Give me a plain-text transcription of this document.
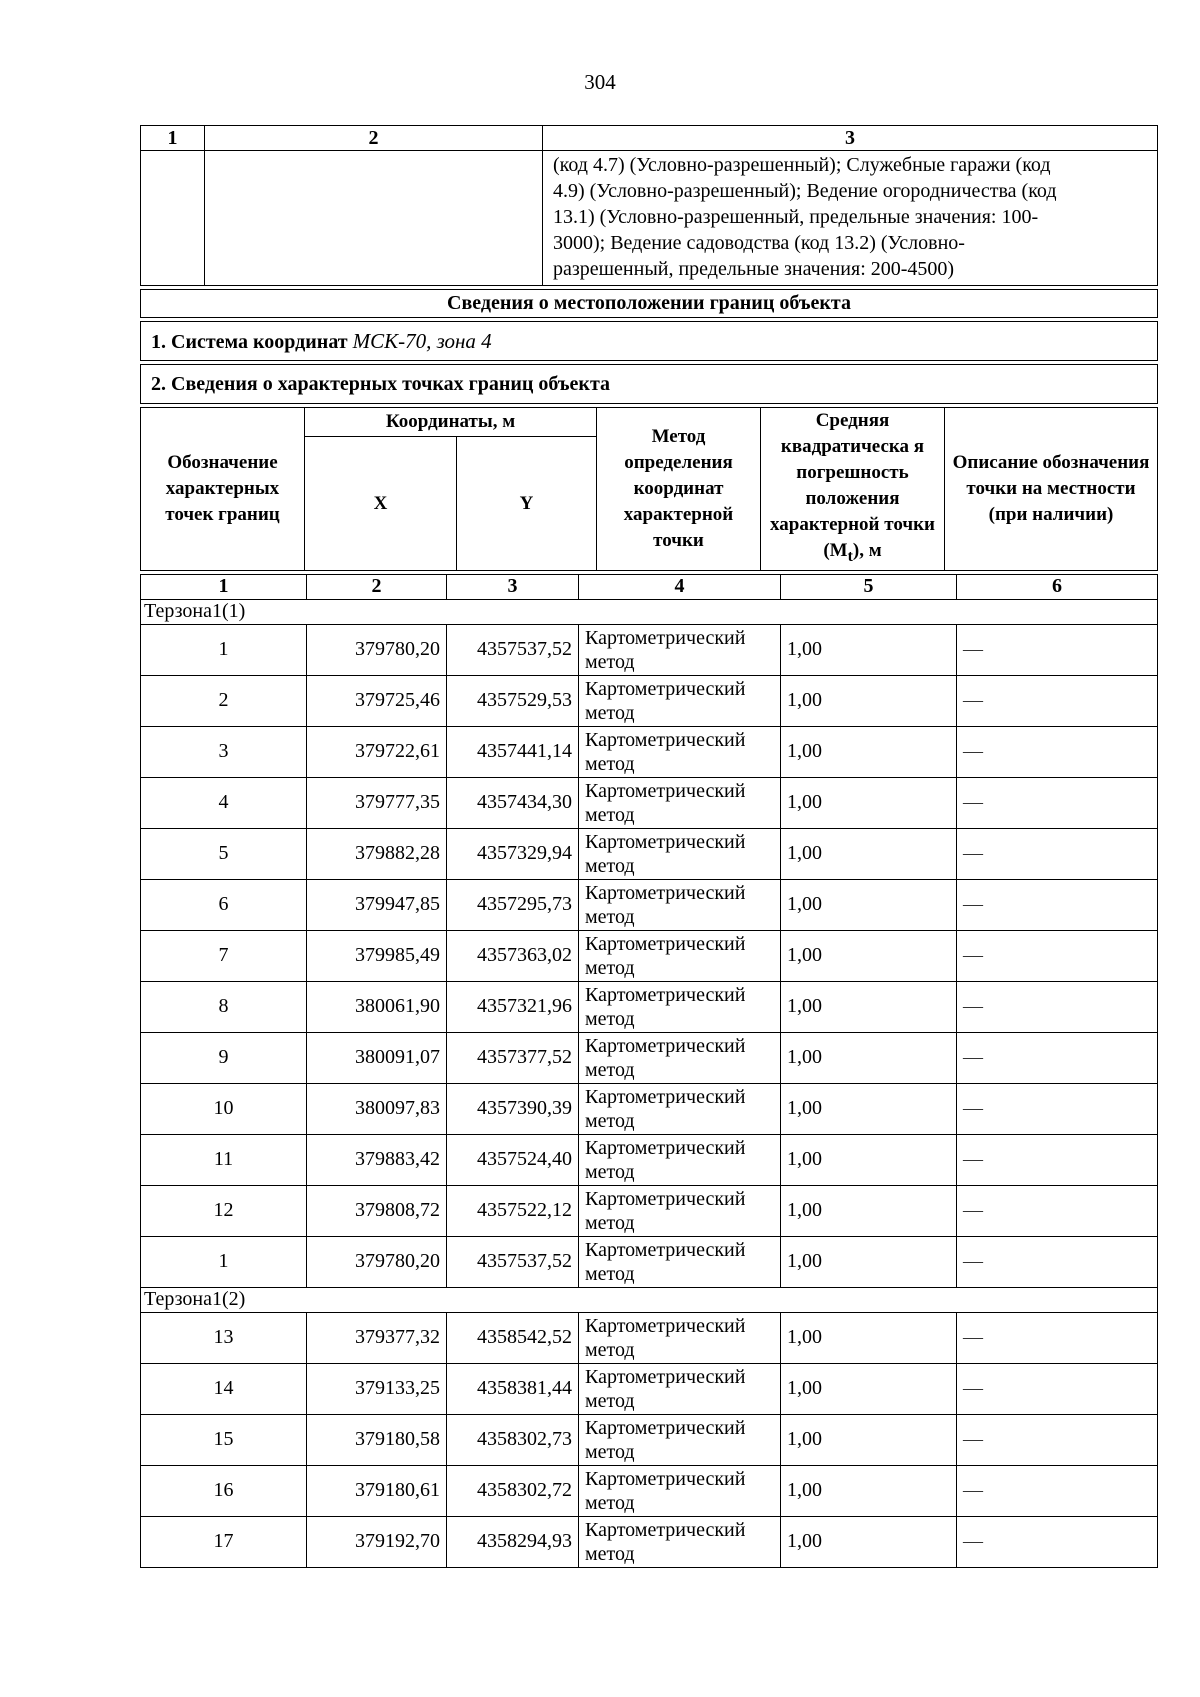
304
1	2	3

		(код 4.7) (Условно-разрешенный); Служебные гаражи (код
4.9) (Условно-разрешенный); Ведение огородничества (код
13.1) (Условно-разрешенный, предельные значения: 100-
3000); Ведение садоводства (код 13.2) (Условно-
разрешенный, предельные значения: 200-4500)
Сведения о местоположении границ объекта
1. Система координат МСК-70, зона 4
2. Сведения о характерных точках границ объекта
Обозначение характерных точек границ	Координаты, м		Метод определения координат характерной точки	Средняя квадратическа я погрешность положения характерной точки $(M_t)$, м	Описание обозначения точки на местности (при наличии)
	X	Y			
1	2	3	4	5	6
Терзона1(1)					
1	379780,20	4357537,52	Картометрический метод	1,00	—
2	379725,46	4357529,53	Картометрический метод	1,00	—
3	379722,61	4357441,14	Картометрический метод	1,00	—
4	379777,35	4357434,30	Картометрический метод	1,00	—
5	379882,28	4357329,94	Картометрический метод	1,00	—
6	379947,85	4357295,73	Картометрический метод	1,00	—
7	379985,49	4357363,02	Картометрический метод	1,00	—
8	380061,90	4357321,96	Картометрический метод	1,00	—
9	380091,07	4357377,52	Картометрический метод	1,00	—
10	380097,83	4357390,39	Картометрический метод	1,00	—
11	379883,42	4357524,40	Картометрический метод	1,00	—
12	379808,72	4357522,12	Картометрический метод	1,00	—
1	379780,20	4357537,52	Картометрический метод	1,00	—
Терзона1(2)					
13	379377,32	4358542,52	Картометрический метод	1,00	—
14	379133,25	4358381,44	Картометрический метод	1,00	—
15	379180,58	4358302,73	Картометрический метод	1,00	—
16	379180,61	4358302,72	Картометрический метод	1,00	—
17	379192,70	4358294,93	Картометрический метод	1,00	—
